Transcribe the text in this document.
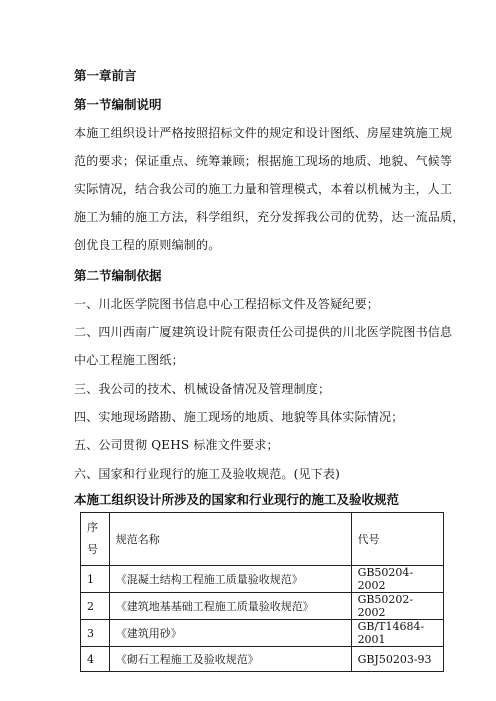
第一章前言
第一节编制说明
本施工组织设计严格按照招标文件的规定和设计图纸、房屋建筑施工规
范的要求；保证重点、统筹兼顾；根据施工现场的地质、地貌、气候等
实际情况，结合我公司的施工力量和管理模式，本着以机械为主，人工
施工为辅的施工方法，科学组织，充分发挥我公司的优势，达一流品质，
创优良工程的原则编制的。
第二节编制依据
一、川北医学院图书信息中心工程招标文件及答疑纪要；
二、四川西南广厦建筑设计院有限责任公司提供的川北医学院图书信息
中心工程施工图纸；
三、我公司的技术、机械设备情况及管理制度；
四、实地现场踏勘、施工现场的地质、地貌等具体实际情况；
五、公司贯彻 QEHS 标准文件要求；
六、国家和行业现行的施工及验收规范。(见下表)
本施工组织设计所涉及的国家和行业现行的施工及验收规范
序
号	规范名称	代号
1	《混凝土结构工程施工质量验收规范》	GB50204-2002
2	《建筑地基基础工程施工质量验收规范》	GB50202-2002
3	《建筑用砂》	GB/T14684-2001
4	《砌石工程施工及验收规范》	GBJ50203-93
